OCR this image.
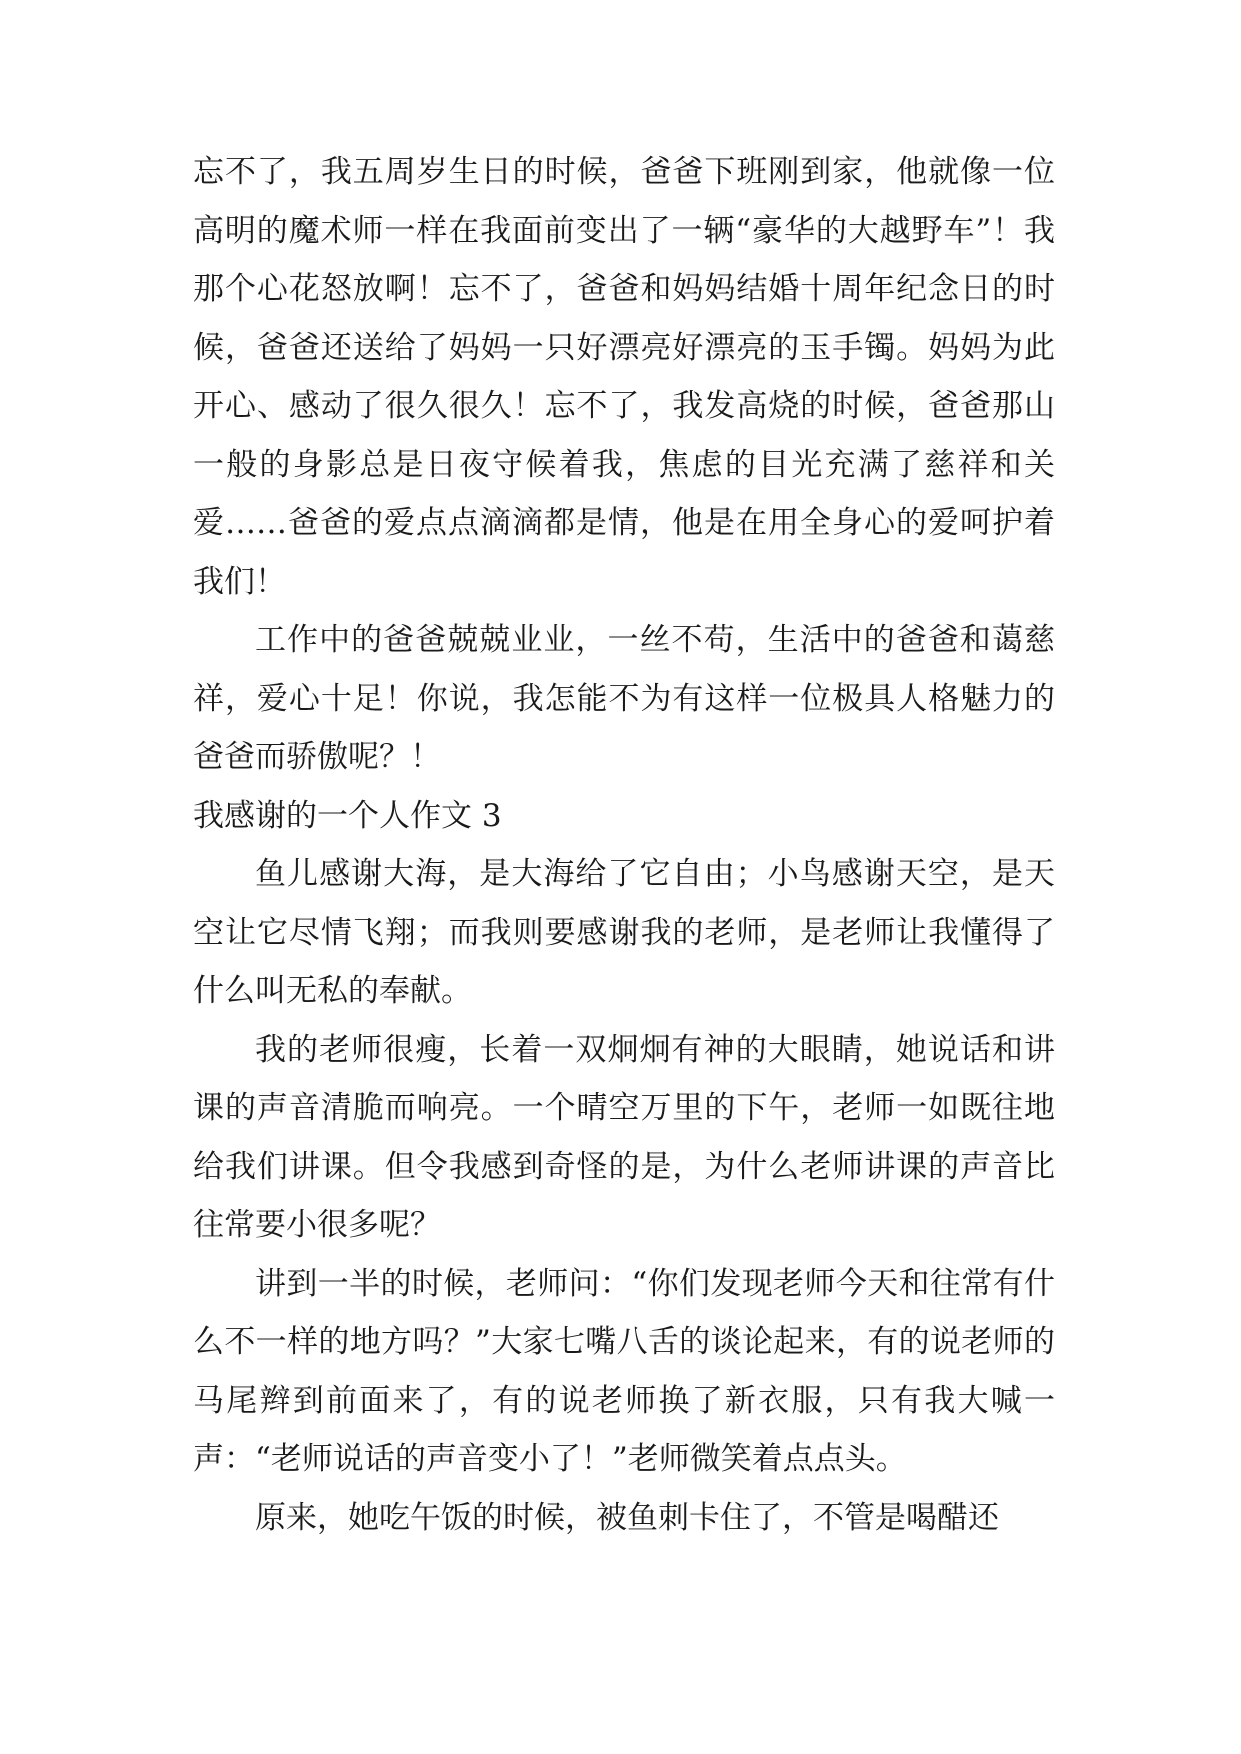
忘不了，我五周岁生日的时候，爸爸下班刚到家，他就像一位高明的魔术师一样在我面前变出了一辆“豪华的大越野车”！我那个心花怒放啊！忘不了，爸爸和妈妈结婚十周年纪念日的时候，爸爸还送给了妈妈一只好漂亮好漂亮的玉手镯。妈妈为此开心、感动了很久很久！忘不了，我发高烧的时候，爸爸那山一般的身影总是日夜守候着我，焦虑的目光充满了慈祥和关爱……爸爸的爱点点滴滴都是情，他是在用全身心的爱呵护着我们！

工作中的爸爸兢兢业业，一丝不苟，生活中的爸爸和蔼慈祥，爱心十足！你说，我怎能不为有这样一位极具人格魅力的爸爸而骄傲呢？！

我感谢的一个人作文 3

鱼儿感谢大海，是大海给了它自由；小鸟感谢天空，是天空让它尽情飞翔；而我则要感谢我的老师，是老师让我懂得了什么叫无私的奉献。

我的老师很瘦，长着一双炯炯有神的大眼睛，她说话和讲课的声音清脆而响亮。一个晴空万里的下午，老师一如既往地给我们讲课。但令我感到奇怪的是，为什么老师讲课的声音比往常要小很多呢？

讲到一半的时候，老师问：“你们发现老师今天和往常有什么不一样的地方吗？”大家七嘴八舌的谈论起来，有的说老师的马尾辫到前面来了，有的说老师换了新衣服，只有我大喊一声：“老师说话的声音变小了！”老师微笑着点点头。

原来，她吃午饭的时候，被鱼刺卡住了，不管是喝醋还
